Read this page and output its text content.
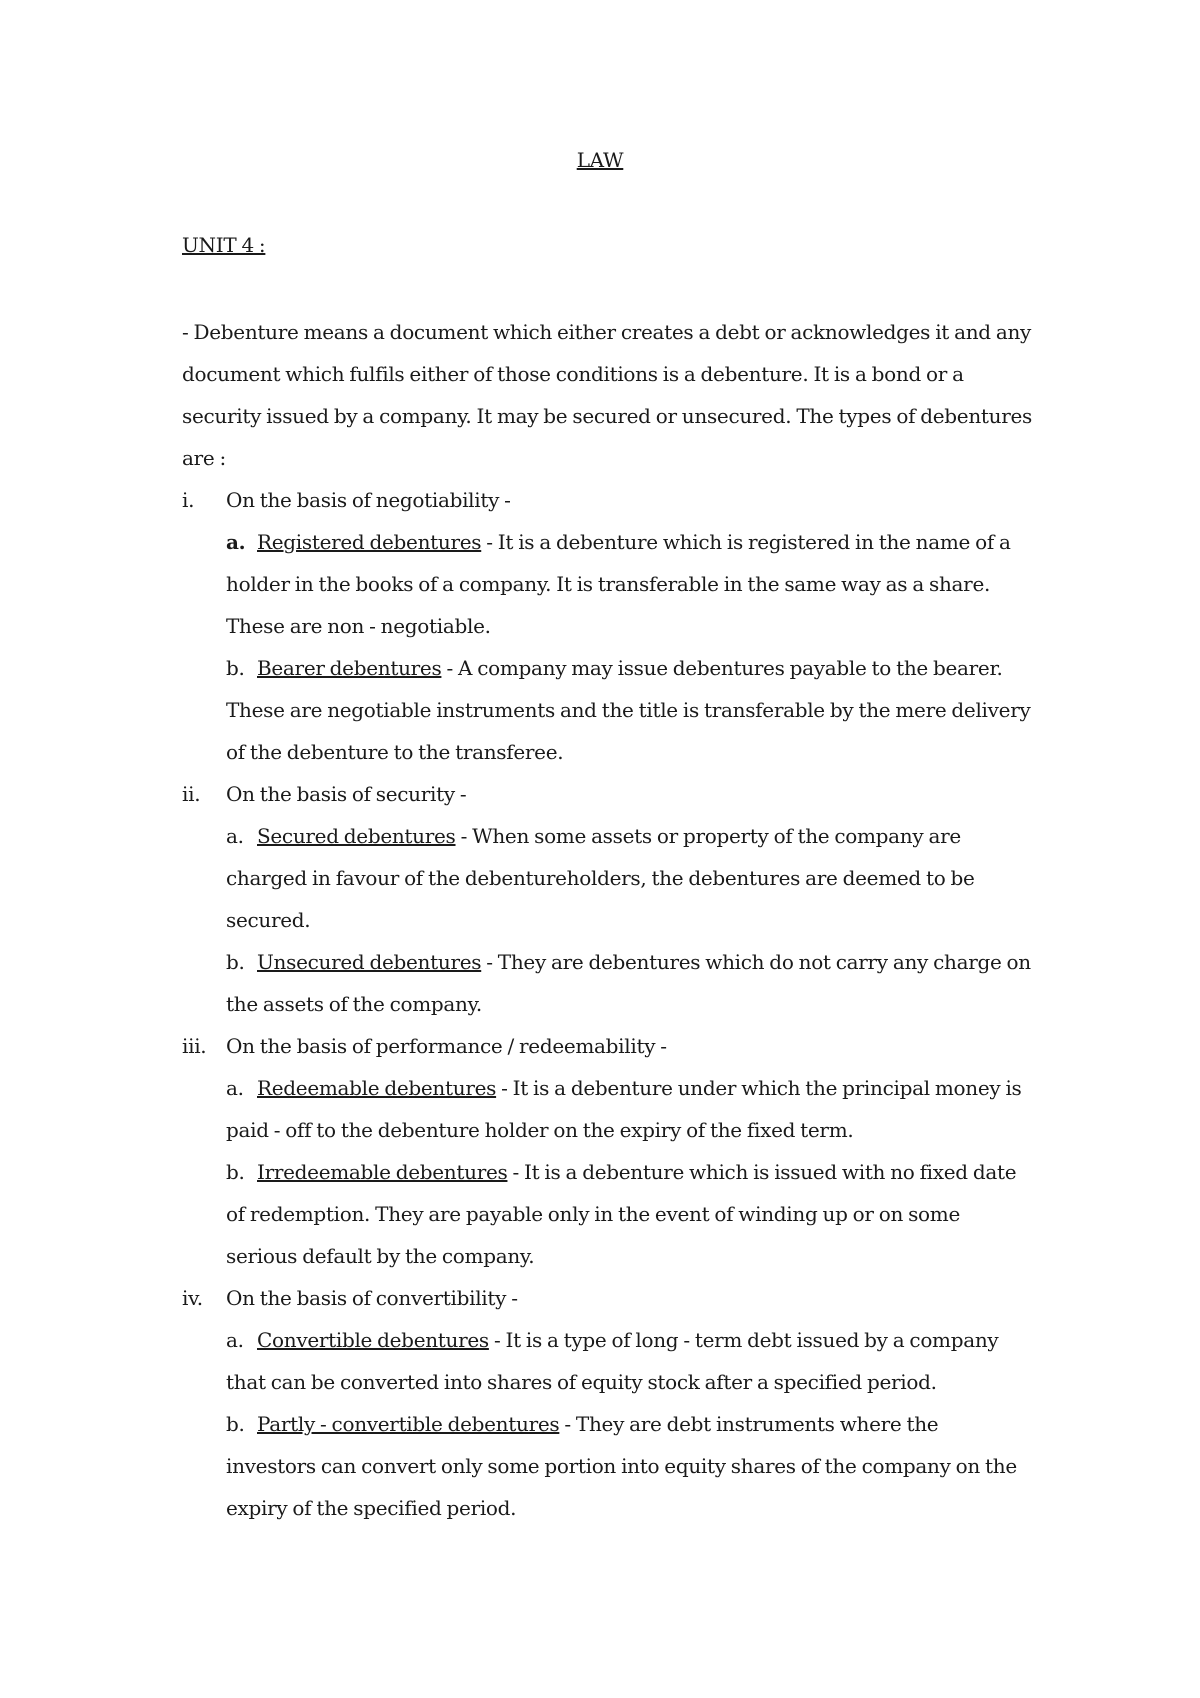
LAW
UNIT 4 :

- Debenture means a document which either creates a debt or acknowledges it and any document which fulfils either of those conditions is a debenture. It is a bond or a security issued by a company. It may be secured or unsecured. The types of debentures are :

i.	On the basis of negotiability -

a. Registered debentures - It is a debenture which is registered in the name of a holder in the books of a company. It is transferable in the same way as a share. These are non - negotiable.

b. Bearer debentures - A company may issue debentures payable to the bearer. These are negotiable instruments and the title is transferable by the mere delivery of the debenture to the transferee.

ii.	On the basis of security -

a. Secured debentures - When some assets or property of the company are charged in favour of the debentureholders, the debentures are deemed to be secured.

b. Unsecured debentures - They are debentures which do not carry any charge on the assets of the company.

iii. On the basis of performance / redeemability -

a. Redeemable debentures - It is a debenture under which the principal money is paid - off to the debenture holder on the expiry of the fixed term.

b. Irredeemable debentures - It is a debenture which is issued with no fixed date of redemption. They are payable only in the event of winding up or on some serious default by the company.

iv.	On the basis of convertibility -

a. Convertible debentures - It is a type of long - term debt issued by a company that can be converted into shares of equity stock after a specified period.

b. Partly - convertible debentures - They are debt instruments where the investors can convert only some portion into equity shares of the company on the expiry of the specified period.
